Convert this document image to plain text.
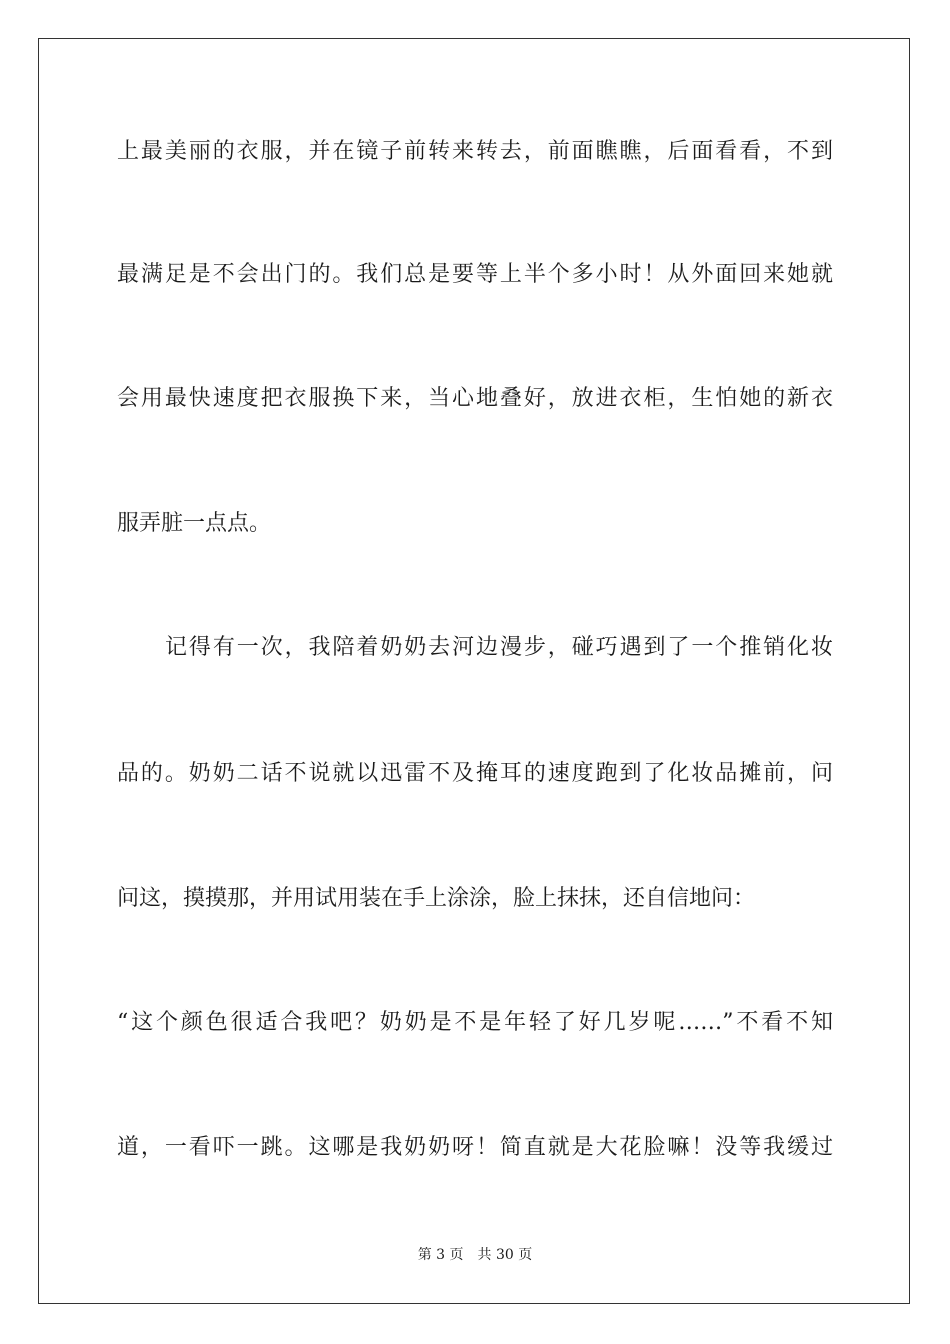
上最美丽的衣服，并在镜子前转来转去，前面瞧瞧，后面看看，不到

最满足是不会出门的。我们总是要等上半个多小时！从外面回来她就

会用最快速度把衣服换下来，当心地叠好，放进衣柜，生怕她的新衣

服弄脏一点点。

记得有一次，我陪着奶奶去河边漫步，碰巧遇到了一个推销化妆

品的。奶奶二话不说就以迅雷不及掩耳的速度跑到了化妆品摊前，问

问这，摸摸那，并用试用装在手上涂涂，脸上抹抹，还自信地问：

“这个颜色很适合我吧？奶奶是不是年轻了好几岁呢……”不看不知

道，一看吓一跳。这哪是我奶奶呀！简直就是大花脸嘛！没等我缓过

第 3 页 共 30 页
